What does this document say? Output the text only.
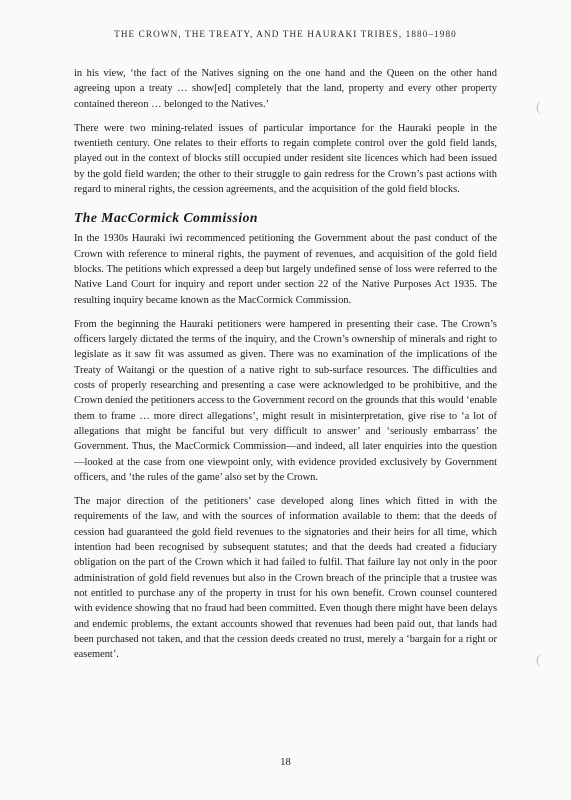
THE CROWN, THE TREATY, AND THE HAURAKI TRIBES, 1880–1980

in his view, ‘the fact of the Natives signing on the one hand and the Queen on the other hand agreeing upon a treaty … show[ed] completely that the land, property and every other property contained thereon … belonged to the Natives.’

There were two mining-related issues of particular importance for the Hauraki people in the twentieth century. One relates to their efforts to regain complete control over the gold field lands, played out in the context of blocks still occupied under resident site licences which had been issued by the gold field warden; the other to their struggle to gain redress for the Crown’s past actions with regard to mineral rights, the cession agreements, and the acquisition of the gold field blocks.

The MacCormick Commission

In the 1930s Hauraki iwi recommenced petitioning the Government about the past conduct of the Crown with reference to mineral rights, the payment of revenues, and acquisition of the gold field blocks. The petitions which expressed a deep but largely undefined sense of loss were referred to the Native Land Court for inquiry and report under section 22 of the Native Purposes Act 1935. The resulting inquiry became known as the MacCormick Commission.

From the beginning the Hauraki petitioners were hampered in presenting their case. The Crown’s officers largely dictated the terms of the inquiry, and the Crown’s ownership of minerals and right to legislate as it saw fit was assumed as given. There was no examination of the implications of the Treaty of Waitangi or the question of a native right to sub-surface resources. The difficulties and costs of properly researching and presenting a case were acknowledged to be prohibitive, and the Crown denied the petitioners access to the Government record on the grounds that this would ‘enable them to frame … more direct allegations’, might result in misinterpretation, give rise to ‘a lot of allegations that might be fanciful but very difficult to answer’ and ‘seriously embarrass’ the Government. Thus, the MacCormick Commission—and indeed, all later enquiries into the question—looked at the case from one viewpoint only, with evidence provided exclusively by Government officers, and ‘the rules of the game’ also set by the Crown.

The major direction of the petitioners’ case developed along lines which fitted in with the requirements of the law, and with the sources of information available to them: that the deeds of cession had guaranteed the gold field revenues to the signatories and their heirs for all time, which intention had been recognised by subsequent statutes; and that the deeds had created a fiduciary obligation on the part of the Crown which it had failed to fulfil. That failure lay not only in the poor administration of gold field revenues but also in the Crown breach of the principle that a trustee was not entitled to purchase any of the property in trust for his own benefit. Crown counsel countered with evidence showing that no fraud had been committed. Even though there might have been delays and endemic problems, the extant accounts showed that revenues had been paid out, that lands had been purchased not taken, and that the cession deeds created no trust, merely a ‘bargain for a right or easement’.

(
(
18
